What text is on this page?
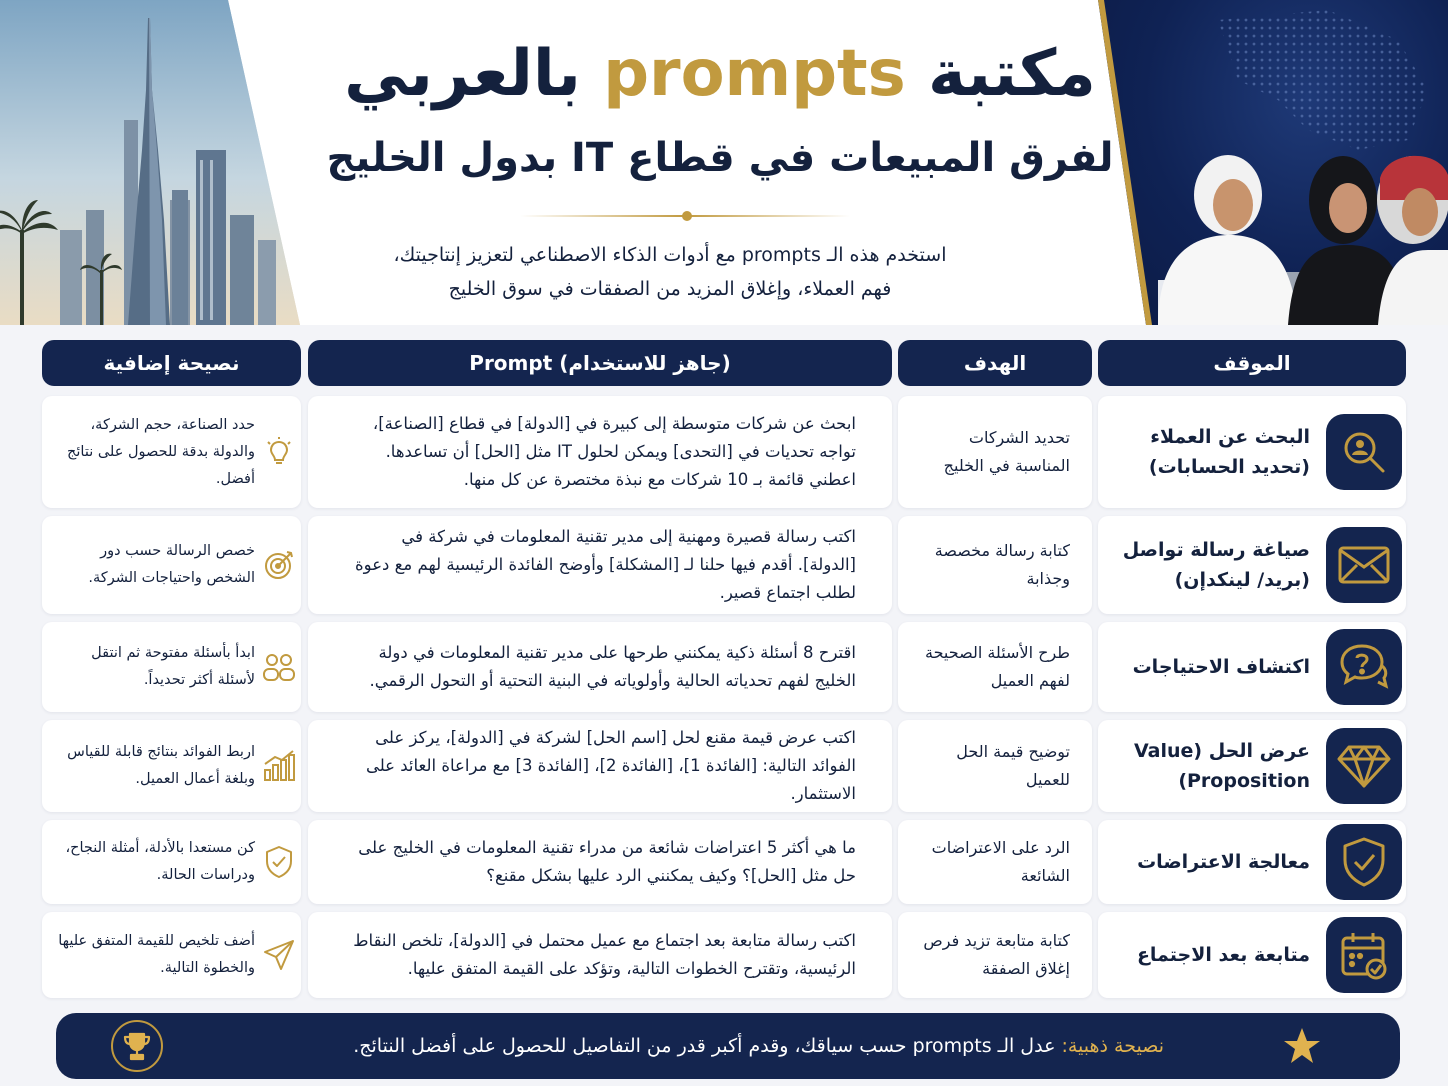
مكتبة prompts بالعربي
لفرق المبيعات في قطاع IT بدول الخليج
استخدم هذه الـ prompts مع أدوات الذكاء الاصطناعي لتعزيز إنتاجيتك،
فهم العملاء، وإغلاق المزيد من الصفقات في سوق الخليج
الموقف
الهدف
Prompt (جاهز للاستخدام)
نصيحة إضافية
البحث عن العملاء (تحديد الحسابات)
تحديد الشركات المناسبة في الخليج
ابحث عن شركات متوسطة إلى كبيرة في [الدولة] في قطاع [الصناعة]، تواجه تحديات في [التحدى] ويمكن لحلول IT مثل [الحل] أن تساعدها. اعطني قائمة بـ 10 شركات مع نبذة مختصرة عن كل منها.
حدد الصناعة، حجم الشركة، والدولة بدقة للحصول على نتائج أفضل.
صياغة رسالة تواصل (بريد/ لينكدإن)
كتابة رسالة مخصصة وجذابة
اكتب رسالة قصيرة ومهنية إلى مدير تقنية المعلومات في شركة في [الدولة]. أقدم فيها حلنا لـ [المشكلة] وأوضح الفائدة الرئيسية لهم مع دعوة لطلب اجتماع قصير.
خصص الرسالة حسب دور الشخص واحتياجات الشركة.
اكتشاف الاحتياجات
طرح الأسئلة الصحيحة لفهم العميل
اقترح 8 أسئلة ذكية يمكنني طرحها على مدير تقنية المعلومات في دولة الخليج لفهم تحدياته الحالية وأولوياته في البنية التحتية أو التحول الرقمي.
ابدأ بأسئلة مفتوحة ثم انتقل لأسئلة أكثر تحديداً.
عرض الحل (Value Proposition)
توضيح قيمة الحل للعميل
اكتب عرض قيمة مقنع لحل [اسم الحل] لشركة في [الدولة]، يركز على الفوائد التالية: [الفائدة 1]، [الفائدة 2]، [الفائدة 3] مع مراعاة العائد على الاستثمار.
اربط الفوائد بنتائج قابلة للقياس وبلغة أعمال العميل.
معالجة الاعتراضات
الرد على الاعتراضات الشائعة
ما هي أكثر 5 اعتراضات شائعة من مدراء تقنية المعلومات في الخليج على حل مثل [الحل]؟ وكيف يمكنني الرد عليها بشكل مقنع؟
كن مستعدا بالأدلة، أمثلة النجاح، ودراسات الحالة.
متابعة بعد الاجتماع
كتابة متابعة تزيد فرص إغلاق الصفقة
اكتب رسالة متابعة بعد اجتماع مع عميل محتمل في [الدولة]، تلخص النقاط الرئيسية، وتقترح الخطوات التالية، وتؤكد على القيمة المتفق عليها.
أضف تلخيص للقيمة المتفق عليها والخطوة التالية.
نصيحة ذهبية:

عدل الـ prompts حسب سياقك، وقدم أكبر قدر من التفاصيل للحصول على أفضل النتائج.
